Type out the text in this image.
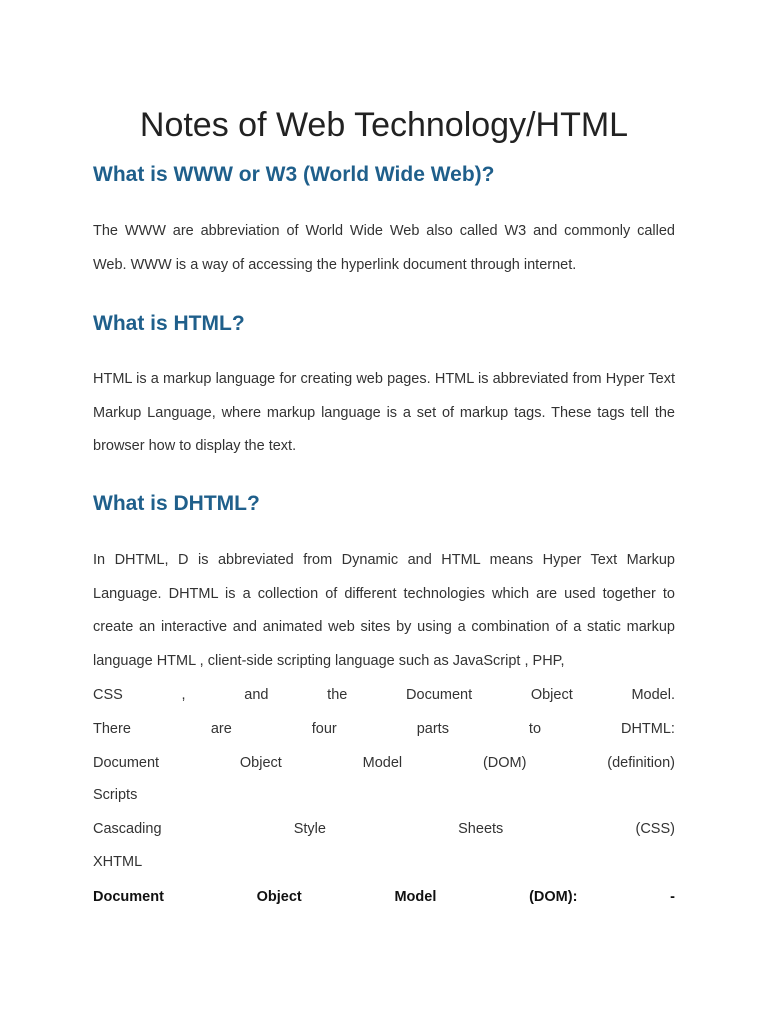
Notes of Web Technology/HTML
What is WWW or W3 (World Wide Web)?

The WWW are abbreviation of World Wide Web also called W3 and commonly called Web. WWW is a way of accessing the hyperlink document through internet.

What is HTML?

HTML is a markup language for creating web pages. HTML is abbreviated from Hyper Text Markup Language, where markup language is a set of markup tags. These tags tell the browser how to display the text.

What is DHTML?

In DHTML, D is abbreviated from Dynamic and HTML means Hyper Text Markup Language. DHTML is a collection of different technologies which are used together to create an interactive and animated web sites by using a combination of a static markup language HTML , client-side scripting language such as JavaScript , PHP,

CSS	,	and	the	Document	Object	Model.
There	are	four	parts	to	DHTML:
Document	Object	Model	(DOM)	(definition)
Scripts
Cascading	Style	Sheets	(CSS)
XHTML
Document	Object	Model	(DOM):	-
